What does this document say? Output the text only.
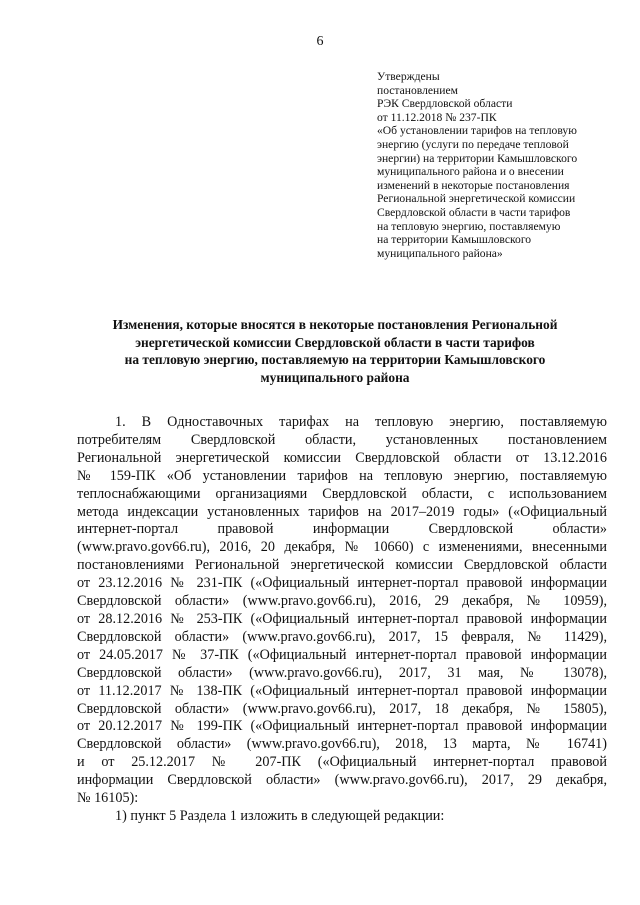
6
Утверждены
постановлением
РЭК Свердловской области
от 11.12.2018 № 237-ПК
«Об установлении тарифов на тепловую
энергию (услуги по передаче тепловой
энергии) на территории Камышловского
муниципального района и о внесении
изменений в некоторые постановления
Региональной энергетической комиссии
Свердловской области в части тарифов
на тепловую энергию, поставляемую
на территории Камышловского
муниципального района»
Изменения, которые вносятся в некоторые постановления Региональной
энергетической комиссии Свердловской области в части тарифов
на тепловую энергию, поставляемую на территории Камышловского
муниципального района
1. В Одноставочных тарифах на тепловую энергию, поставляемую
потребителям Свердловской области, установленных постановлением
Региональной энергетической комиссии Свердловской области от 13.12.2016
№ 159-ПК «Об установлении тарифов на тепловую энергию, поставляемую
теплоснабжающими организациями Свердловской области, с использованием
метода индексации установленных тарифов на 2017–2019 годы» («Официальный
интернет-портал правовой информации Свердловской области»
(www.pravo.gov66.ru), 2016, 20 декабря, № 10660) с изменениями, внесенными
постановлениями Региональной энергетической комиссии Свердловской области
от 23.12.2016 № 231-ПК («Официальный интернет-портал правовой информации
Свердловской области» (www.pravo.gov66.ru), 2016, 29 декабря, № 10959),
от 28.12.2016 № 253-ПК («Официальный интернет-портал правовой информации
Свердловской области» (www.pravo.gov66.ru), 2017, 15 февраля, № 11429),
от 24.05.2017 № 37-ПК («Официальный интернет-портал правовой информации
Свердловской области» (www.pravo.gov66.ru), 2017, 31 мая, № 13078),
от 11.12.2017 № 138-ПК («Официальный интернет-портал правовой информации
Свердловской области» (www.pravo.gov66.ru), 2017, 18 декабря, № 15805),
от 20.12.2017 № 199-ПК («Официальный интернет-портал правовой информации
Свердловской области» (www.pravo.gov66.ru), 2018, 13 марта, № 16741)
и от 25.12.2017 № 207-ПК («Официальный интернет-портал правовой
информации Свердловской области» (www.pravo.gov66.ru), 2017, 29 декабря,
№ 16105):
1) пункт 5 Раздела 1 изложить в следующей редакции:
